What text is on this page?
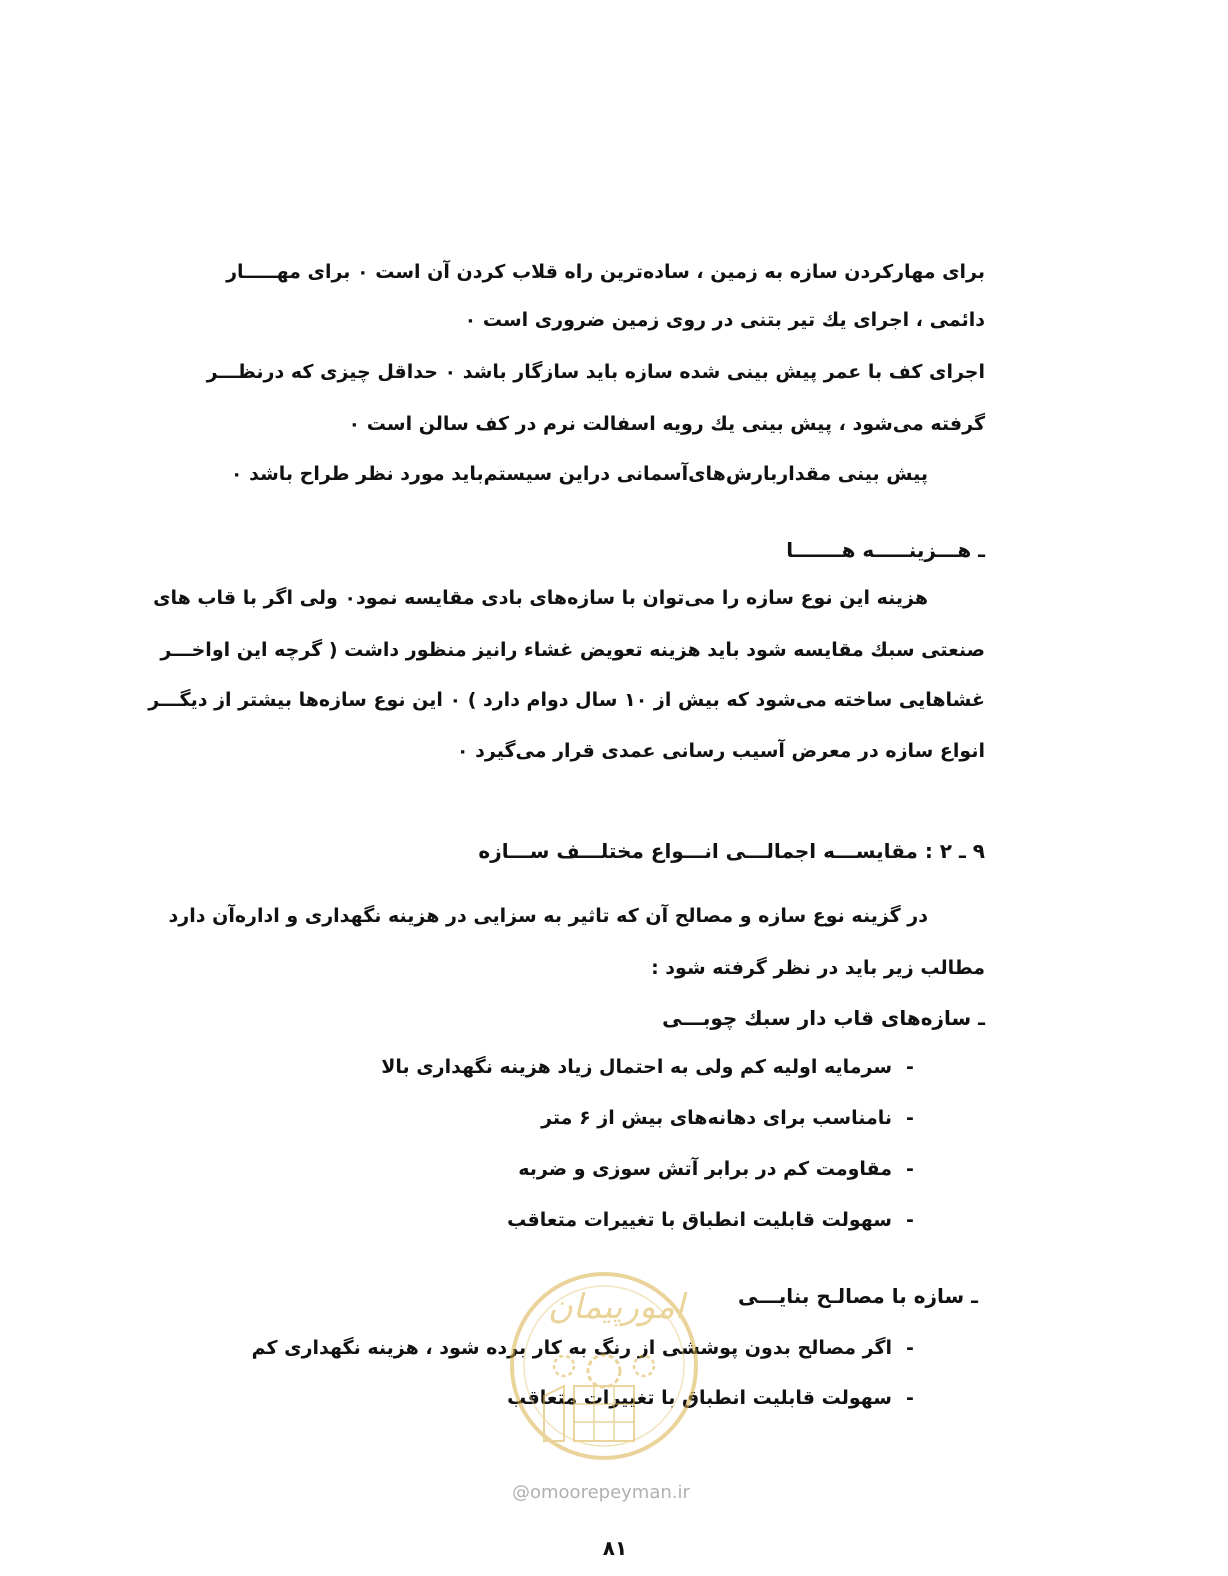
برای مهارکردن سازه به زمین ، ساده‌ترین راه قلاب کردن آن است ۰ برای مهـــــار
دائمی ، اجرای یك تیر بتنی در روی زمین ضروری است ۰
اجرای کف با عمر پیش بینی شده سازه باید سازگار باشد ۰ حداقل چیزی که درنظـــر
گرفته می‌شود ، پیش بینی یك رویه اسفالت نرم در کف سالن است ۰
پیش بینی مقداربارش‌های‌آسمانی دراین سیستم‌باید مورد نظر طراح باشد ۰
ـ هـــزینـــــه هـــــــا
هزینه این نوع سازه را می‌توان با سازه‌های بادی مقایسه نمود۰ ولی اگر با قاب های
صنعتی سبك مقایسه شود باید هزینه تعویض غشاء رانیز منظور داشت ( گرچه این اواخـــر
غشاهایی ساخته می‌شود که بیش از ۱۰ سال دوام دارد ) ۰ این نوع سازه‌ها بیشتر از دیگـــر
انواع سازه در معرض آسیب رسانی عمدی قرار می‌گیرد ۰
۹ ـ ۲ : مقایســـه اجمالـــی انـــواع مختلـــف ســـازه
در گزینه نوع سازه و مصالح آن که تاثیر به سزایی در هزینه نگهداری و اداره‌آن دارد
مطالب زیر باید در نظر گرفته شود :
ـ سازه‌های قاب دار سبك چوبـــی
-
سرمایه اولیه کم ولی به احتمال زیاد هزینه نگهداری بالا
-
نامناسب برای دهانه‌های بیش از ۶ متر
-
مقاومت کم در برابر آتش سوزی و ضربه
-
سهولت قابلیت انطباق با تغییرات متعاقب
ـ سازه با مصالـح بنایـــی
-
اگر مصالح بدون پوششی از رنگ به کار برده شود ، هزینه نگهداری کم
-
سهولت قابلیت انطباق با تغییرات متعاقب
امورپیمان
@omoorepeyman.ir
۸۱
